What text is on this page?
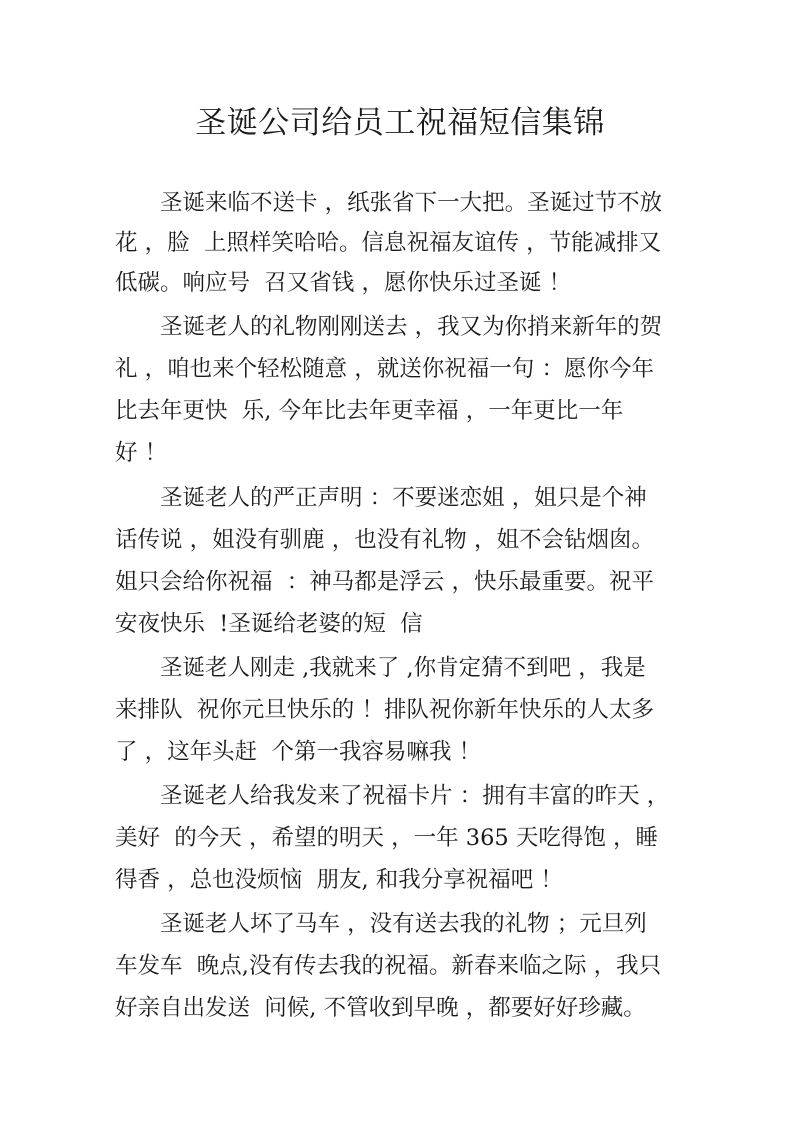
圣诞公司给员工祝福短信集锦

圣诞来临不送卡 ，纸张省下一大把。圣诞过节不放

花 ，脸  上照样笑哈哈。信息祝福友谊传 ，节能减排又

低碳。响应号  召又省钱 ，愿你快乐过圣诞 ！

圣诞老人的礼物刚刚送去 ，我又为你捎来新年的贺

礼 ，咱也来个轻松随意 ，就送你祝福一句 ：愿你今年

比去年更快  乐, 今年比去年更幸福 ，一年更比一年

好 ！

圣诞老人的严正声明 ：不要迷恋姐 ，姐只是个神

话传说 ，姐没有驯鹿 ，也没有礼物 ，姐不会钻烟囱。

姐只会给你祝福  ：神马都是浮云 ，快乐最重要。祝平

安夜快乐  !圣诞给老婆的短  信

圣诞老人刚走 ,我就来了 ,你肯定猜不到吧 ，我是

来排队  祝你元旦快乐的 ！排队祝你新年快乐的人太多

了 ，这年头赶  个第一我容易嘛我 ！

圣诞老人给我发来了祝福卡片 ：拥有丰富的昨天 ，

美好  的今天 ，希望的明天 ，一年 365 天吃得饱 ，睡

得香 ，总也没烦恼  朋友, 和我分享祝福吧 ！

圣诞老人坏了马车 ，没有送去我的礼物 ；元旦列

车发车  晚点,没有传去我的祝福。新春来临之际 ，我只

好亲自出发送  问候, 不管收到早晚 ，都要好好珍藏。
